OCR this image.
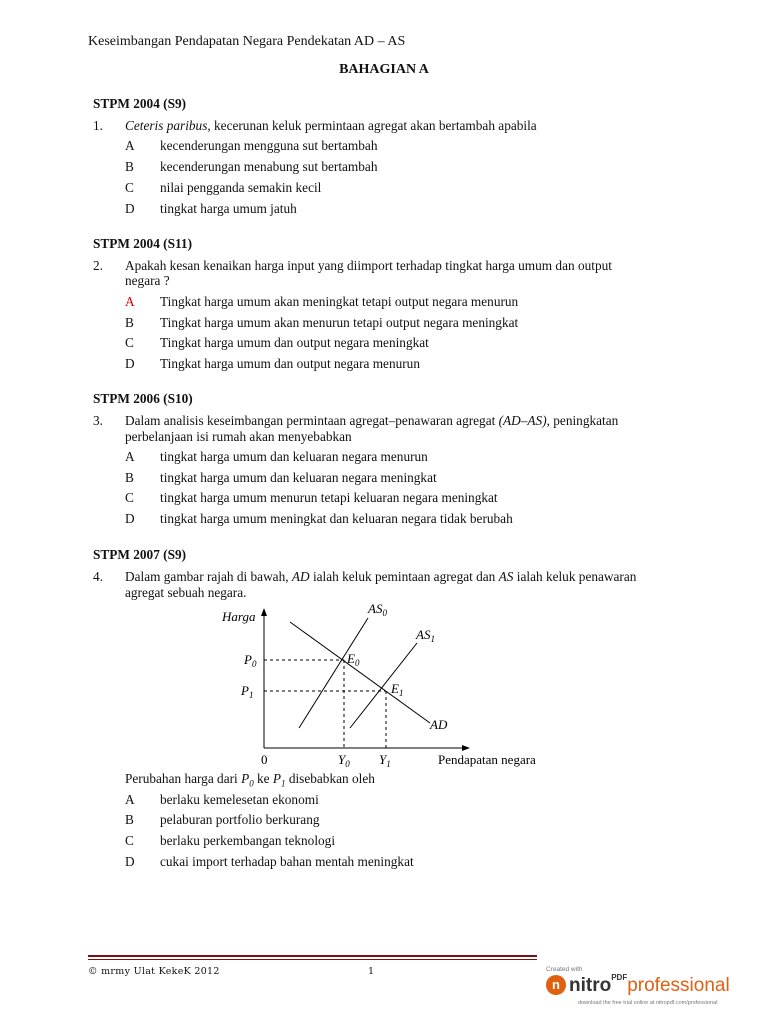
Keseimbangan Pendapatan Negara Pendekatan AD – AS
BAHAGIAN A
STPM 2004 (S9)
1. Ceteris paribus, kecerunan keluk permintaan agregat akan bertambah apabila
A kecenderungan mengguna sut bertambah
B kecenderungan menabung sut bertambah
C nilai pengganda semakin kecil
D tingkat harga umum jatuh
STPM 2004 (S11)
2. Apakah kesan kenaikan harga input yang diimport terhadap tingkat harga umum dan output
negara ?
A Tingkat harga umum akan meningkat tetapi output negara menurun
B Tingkat harga umum akan menurun tetapi output negara meningkat
C Tingkat harga umum dan output negara meningkat
D Tingkat harga umum dan output negara menurun
STPM 2006 (S10)
3. Dalam analisis keseimbangan permintaan agregat–penawaran agregat (AD–AS), peningkatan
perbelanjaan isi rumah akan menyebabkan
A tingkat harga umum dan keluaran negara menurun
B tingkat harga umum dan keluaran negara meningkat
C tingkat harga umum menurun tetapi keluaran negara meningkat
D tingkat harga umum meningkat dan keluaran negara tidak berubah
STPM 2007 (S9)
4. Dalam gambar rajah di bawah, AD ialah keluk pemintaan agregat dan AS ialah keluk penawaran
agregat sebuah negara.
Harga
$P_0$
$P_1$
0	$Y_0$ $Y_1$	Pendapatan negara
$E_0$
$E_1$
$AS_0$
$AS_1$
AD
Perubahan harga dari $P_0$ ke $P_1$ disebabkan oleh
A berlaku kemelesetan ekonomi
B pelaburan portfolio berkurang
C berlaku perkembangan teknologi
D cukai import terhadap bahan mentah meningkat
© mrmy Ulat KekeK 2012	1	Created with
n nitro$^{PDF}$professional
download the free trial online at nitropdf.com/professional
